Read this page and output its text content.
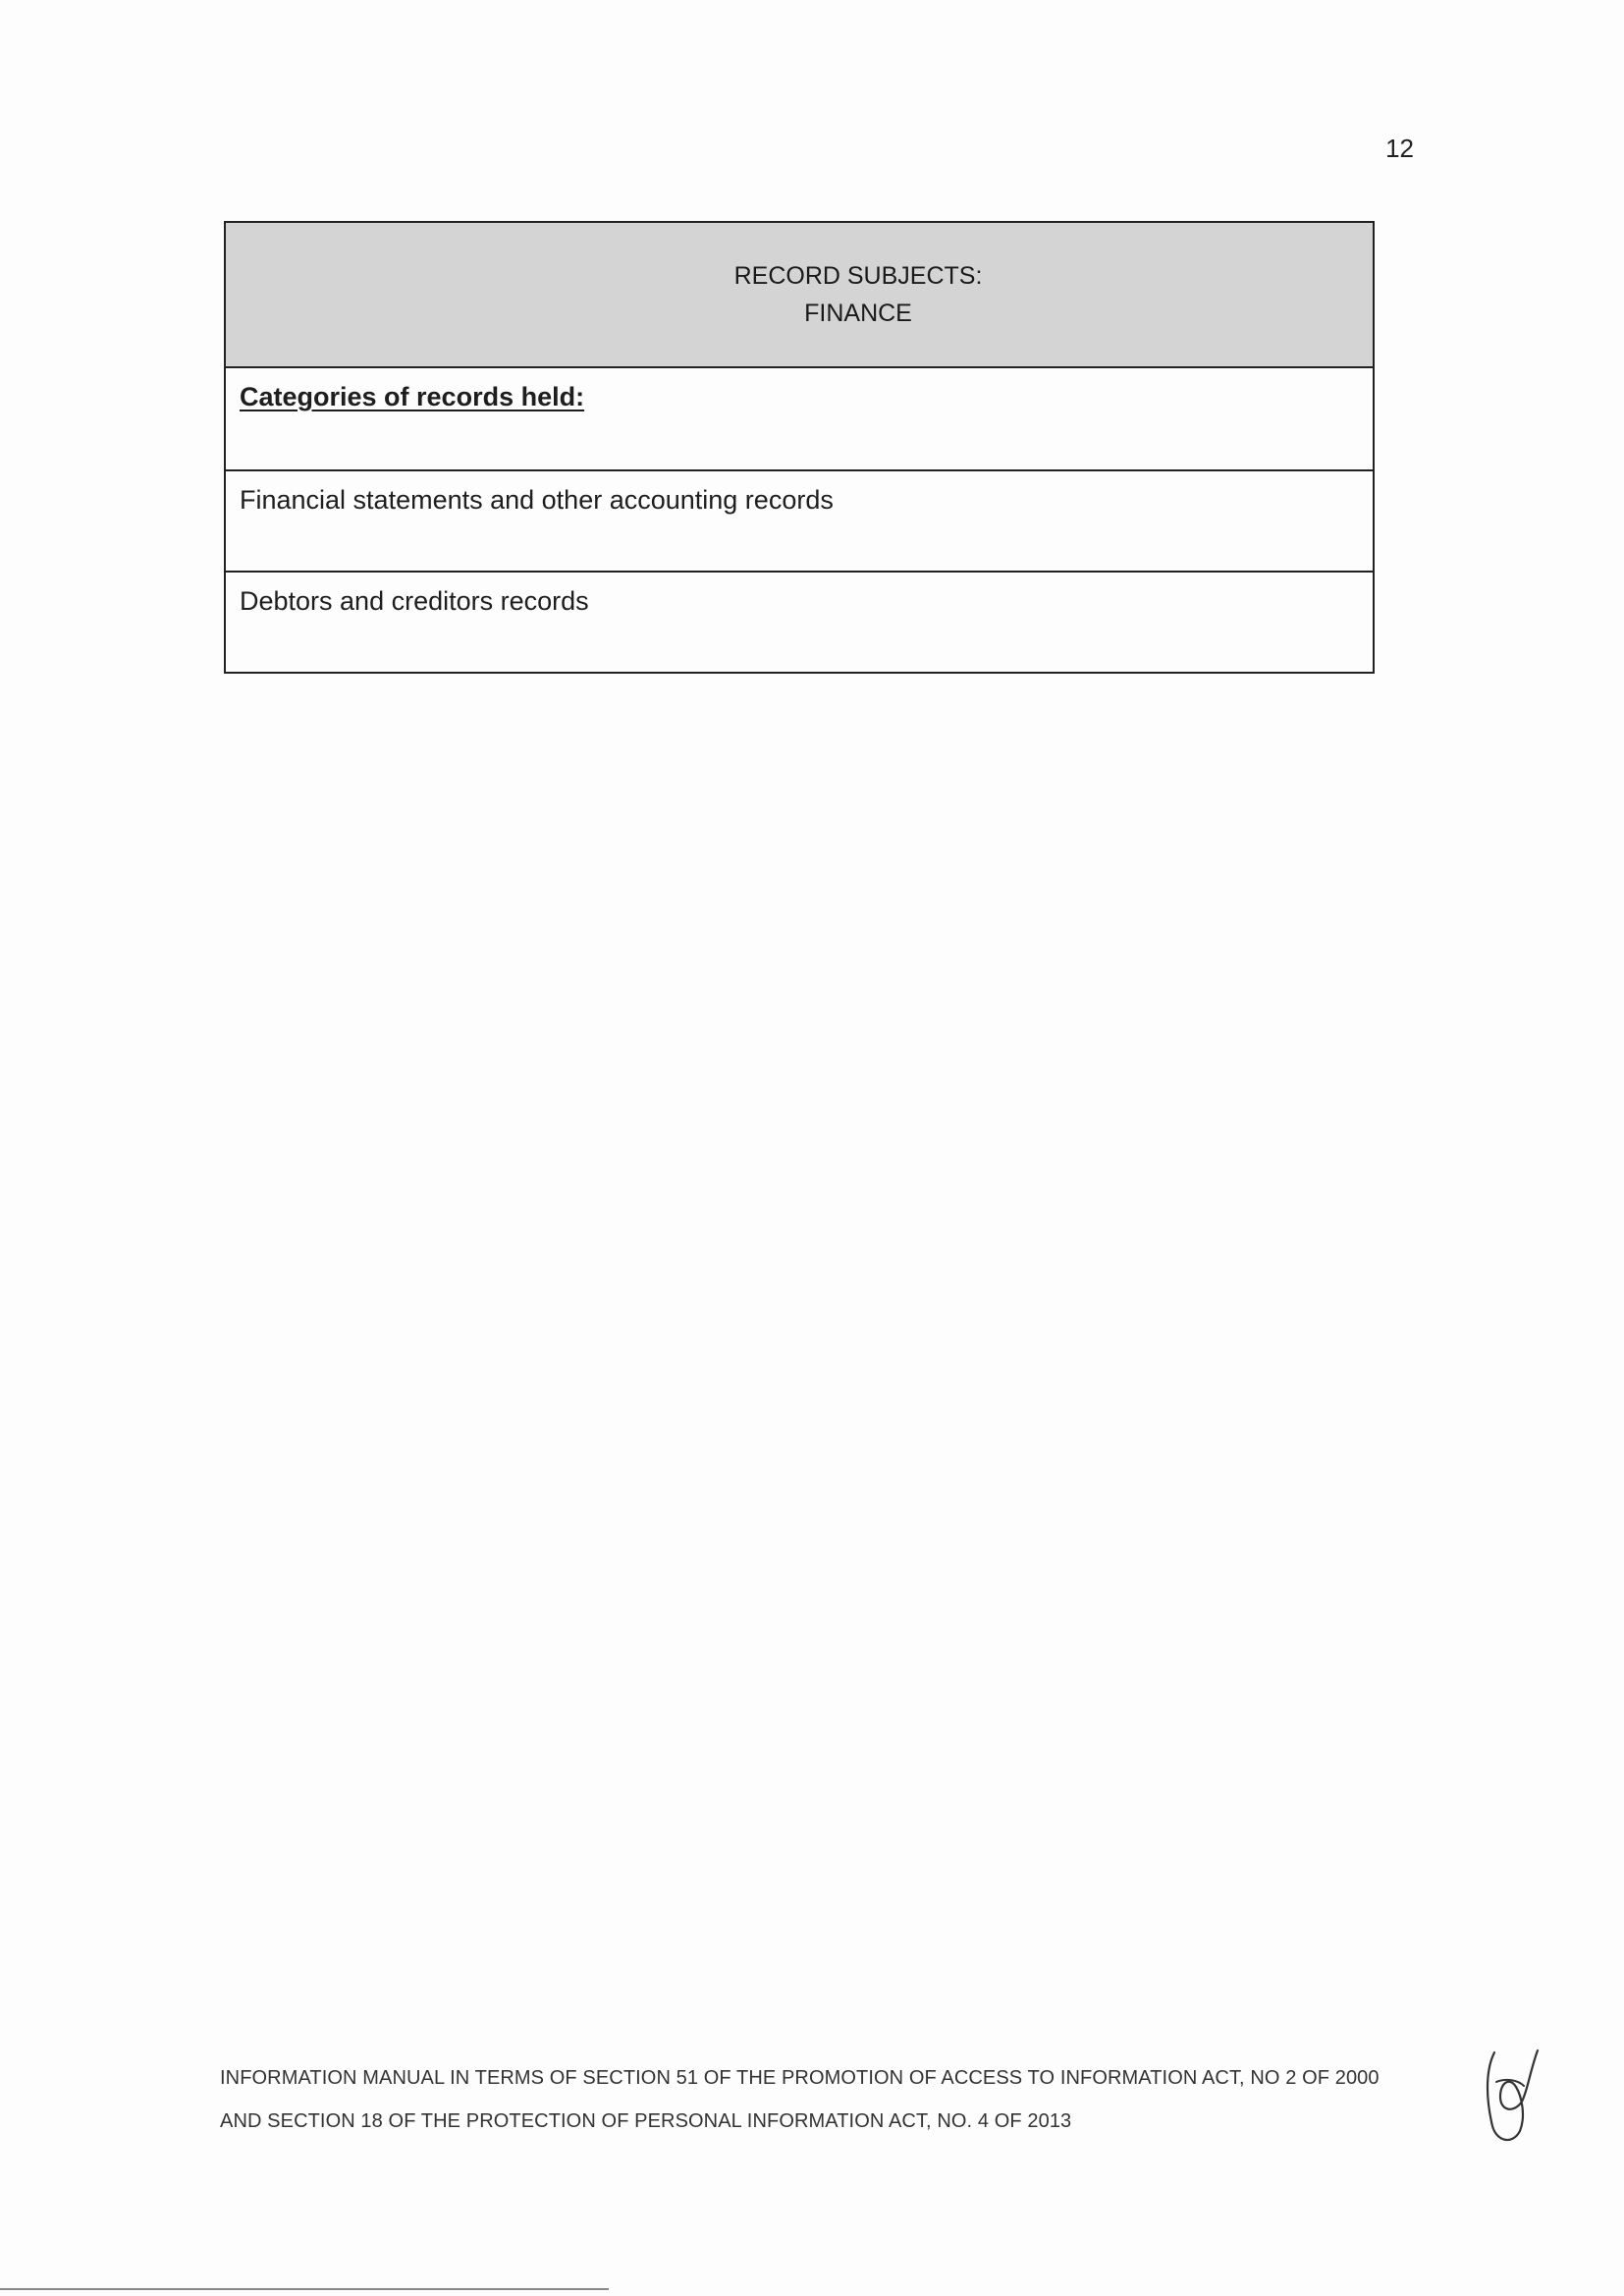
12
RECORD SUBJECTS:
FINANCE
Categories of records held:
Financial statements and other accounting records
Debtors and creditors records
INFORMATION MANUAL IN TERMS OF SECTION 51 OF THE PROMOTION OF ACCESS TO INFORMATION ACT, NO 2 OF 2000
AND SECTION 18 OF THE PROTECTION OF PERSONAL INFORMATION ACT, NO. 4 OF 2013
